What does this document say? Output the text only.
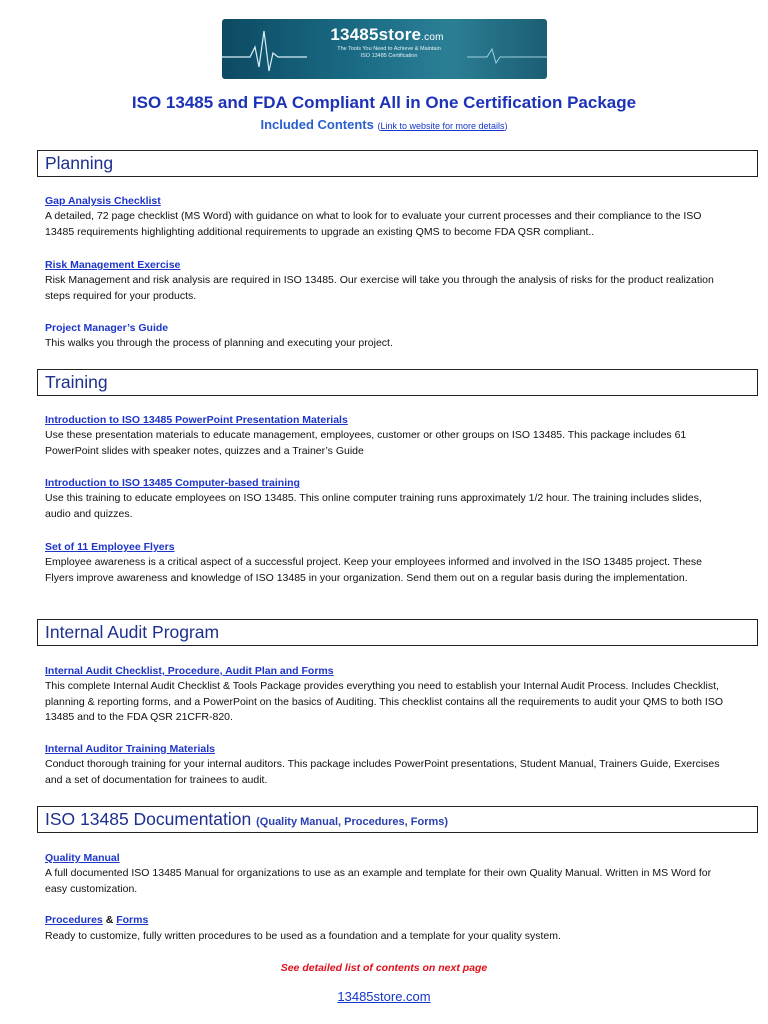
13485store.com
The Tools You Need to Achieve & Maintain
ISO 13485 Certification
ISO 13485 and FDA Compliant All in One Certification Package
Included Contents (Link to website for more details)
Planning
Gap Analysis Checklist
A detailed, 72 page checklist (MS Word) with guidance on what to look for to evaluate your current processes and their compliance to the ISO 13485 requirements highlighting additional requirements to upgrade an existing QMS to become FDA QSR compliant..
Risk Management Exercise
Risk Management and risk analysis are required in ISO 13485. Our exercise will take you through the analysis of risks for the product realization steps required for your products.
Project Manager’s Guide
This walks you through the process of planning and executing your project.
Training
Introduction to ISO 13485 PowerPoint Presentation Materials
Use these presentation materials to educate management, employees, customer or other groups on ISO 13485. This package includes 61 PowerPoint slides with speaker notes, quizzes and a Trainer’s Guide
Introduction to ISO 13485 Computer-based training
Use this training to educate employees on ISO 13485. This online computer training runs approximately 1/2 hour. The training includes slides, audio and quizzes.
Set of 11 Employee Flyers
Employee awareness is a critical aspect of a successful project. Keep your employees informed and involved in the ISO 13485 project. These Flyers improve awareness and knowledge of ISO 13485 in your organization. Send them out on a regular basis during the implementation.
Internal Audit Program
Internal Audit Checklist, Procedure, Audit Plan and Forms
This complete Internal Audit Checklist & Tools Package provides everything you need to establish your Internal Audit Process. Includes Checklist, planning & reporting forms, and a PowerPoint on the basics of Auditing. This checklist contains all the requirements to audit your QMS to both ISO 13485 and to the FDA QSR 21CFR-820.
Internal Auditor Training Materials
Conduct thorough training for your internal auditors. This package includes PowerPoint presentations, Student Manual, Trainers Guide, Exercises and a set of documentation for trainees to audit.
ISO 13485 Documentation (Quality Manual, Procedures, Forms)
Quality Manual
A full documented ISO 13485 Manual for organizations to use as an example and template for their own Quality Manual. Written in MS Word for easy customization.
Procedures & Forms
Ready to customize, fully written procedures to be used as a foundation and a template for your quality system.
See detailed list of contents on next page
13485store.com
